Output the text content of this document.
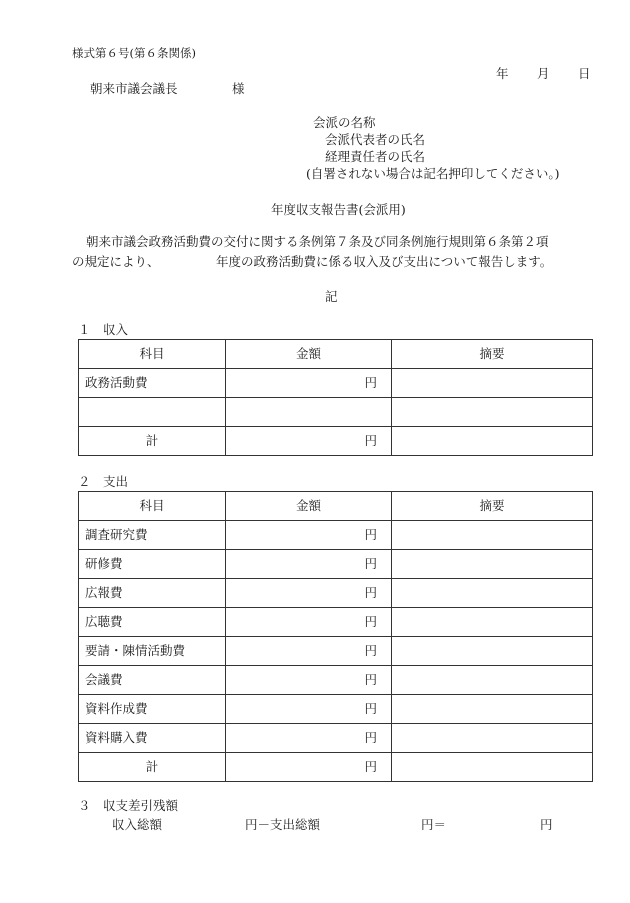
様式第６号(第６条関係)
年 月 日
朝来市議会議長	様
会派の名称
会派代表者の氏名
経理責任者の氏名
(自署されない場合は記名押印してください。)
年度収支報告書(会派用)
朝来市議会政務活動費の交付に関する条例第７条及び同条例施行規則第６条第２項
の規定により、	年度の政務活動費に係る収入及び支出について報告します。
記
１　収入
科目	金額	摘要
政務活動費	円	

計	円	
２　支出
科目	金額	摘要
調査研究費	円	
研修費	円	
広報費	円	
広聴費	円	
要請・陳情活動費	円	
会議費	円	
資料作成費	円	
資料購入費	円	
計	円	
３　収支差引残額
収入総額	円－支出総額	円＝	円
